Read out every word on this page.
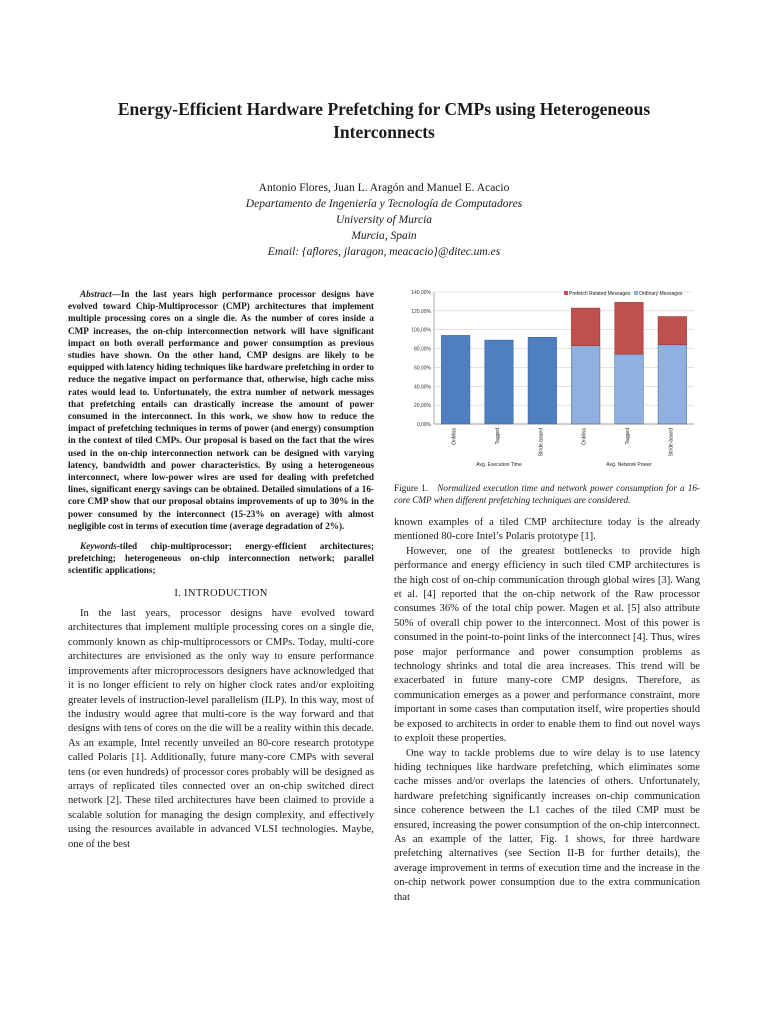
Energy-Efficient Hardware Prefetching for CMPs using Heterogeneous Interconnects
Antonio Flores, Juan L. Aragón and Manuel E. Acacio
Departamento de Ingeniería y Tecnología de Computadores
University of Murcia
Murcia, Spain
Email: {aflores, jlaragon, meacacio}@ditec.um.es

Abstract—In the last years high performance processor designs have evolved toward Chip-Multiprocessor (CMP) architectures that implement multiple processing cores on a single die. As the number of cores inside a CMP increases, the on-chip interconnection network will have significant impact on both overall performance and power consumption as previous studies have shown. On the other hand, CMP designs are likely to be equipped with latency hiding techniques like hardware prefetching in order to reduce the negative impact on performance that, otherwise, high cache miss rates would lead to. Unfortunately, the extra number of network messages that prefetching entails can drastically increase the amount of power consumed in the interconnect. In this work, we show how to reduce the impact of prefetching techniques in terms of power (and energy) consumption in the context of tiled CMPs. Our proposal is based on the fact that the wires used in the on-chip interconnection network can be designed with varying latency, bandwidth and power characteristics. By using a heterogeneous interconnect, where low-power wires are used for dealing with prefetched lines, significant energy savings can be obtained. Detailed simulations of a 16-core CMP show that our proposal obtains improvements of up to 30% in the power consumed by the interconnect (15-23% on average) with almost negligible cost in terms of execution time (average degradation of 2%).

Keywords-tiled chip-multiprocessor; energy-efficient architectures; prefetching; heterogeneous on-chip interconnection network; parallel scientific applications;

I. INTRODUCTION

In the last years, processor designs have evolved toward architectures that implement multiple processing cores on a single die, commonly known as chip-multiprocessors or CMPs. Today, multi-core architectures are envisioned as the only way to ensure performance improvements after microprocessors designers have acknowledged that it is no longer efficient to rely on higher clock rates and/or exploiting greater levels of instruction-level parallelism (ILP). In this way, most of the industry would agree that multi-core is the way forward and that designs with tens of cores on the die will be a reality within this decade. As an example, Intel recently unveiled an 80-core research prototype called Polaris [1]. Additionally, future many-core CMPs with several tens (or even hundreds) of processor cores probably will be designed as arrays of replicated tiles connected over an on-chip switched direct network [2]. These tiled architectures have been claimed to provide a scalable solution for managing the design complexity, and effectively using the resources available in advanced VLSI technologies. Maybe, one of the best

0,00%
20,00%
40,00%
60,00%
80,00%
100,00%
120,00%
140,00%
OnMiss	Tagged	Stride-based	OnMiss	Tagged	Stride-based
Avg. Execution Time	Avg. Network Power
Prefetch Related Messages Ordinary Messages

Figure 1. Normalized execution time and network power consumption for a 16-core CMP when different prefetching techniques are considered.

known examples of a tiled CMP architecture today is the already mentioned 80-core Intel’s Polaris prototype [1].

However, one of the greatest bottlenecks to provide high performance and energy efficiency in such tiled CMP architectures is the high cost of on-chip communication through global wires [3]. Wang et al. [4] reported that the on-chip network of the Raw processor consumes 36% of the total chip power. Magen et al. [5] also attribute 50% of overall chip power to the interconnect. Most of this power is consumed in the point-to-point links of the interconnect [4]. Thus, wires pose major performance and power consumption problems as technology shrinks and total die area increases. This trend will be exacerbated in future many-core CMP designs. Therefore, as communication emerges as a power and performance constraint, more important in some cases than computation itself, wire properties should be exposed to architects in order to enable them to find out novel ways to exploit these properties.

One way to tackle problems due to wire delay is to use latency hiding techniques like hardware prefetching, which eliminates some cache misses and/or overlaps the latencies of others. Unfortunately, hardware prefetching significantly increases on-chip communication since coherence between the L1 caches of the tiled CMP must be ensured, increasing the power consumption of the on-chip interconnect. As an example of the latter, Fig. 1 shows, for three hardware prefetching alternatives (see Section II-B for further details), the average improvement in terms of execution time and the increase in the on-chip network power consumption due to the extra communication that
